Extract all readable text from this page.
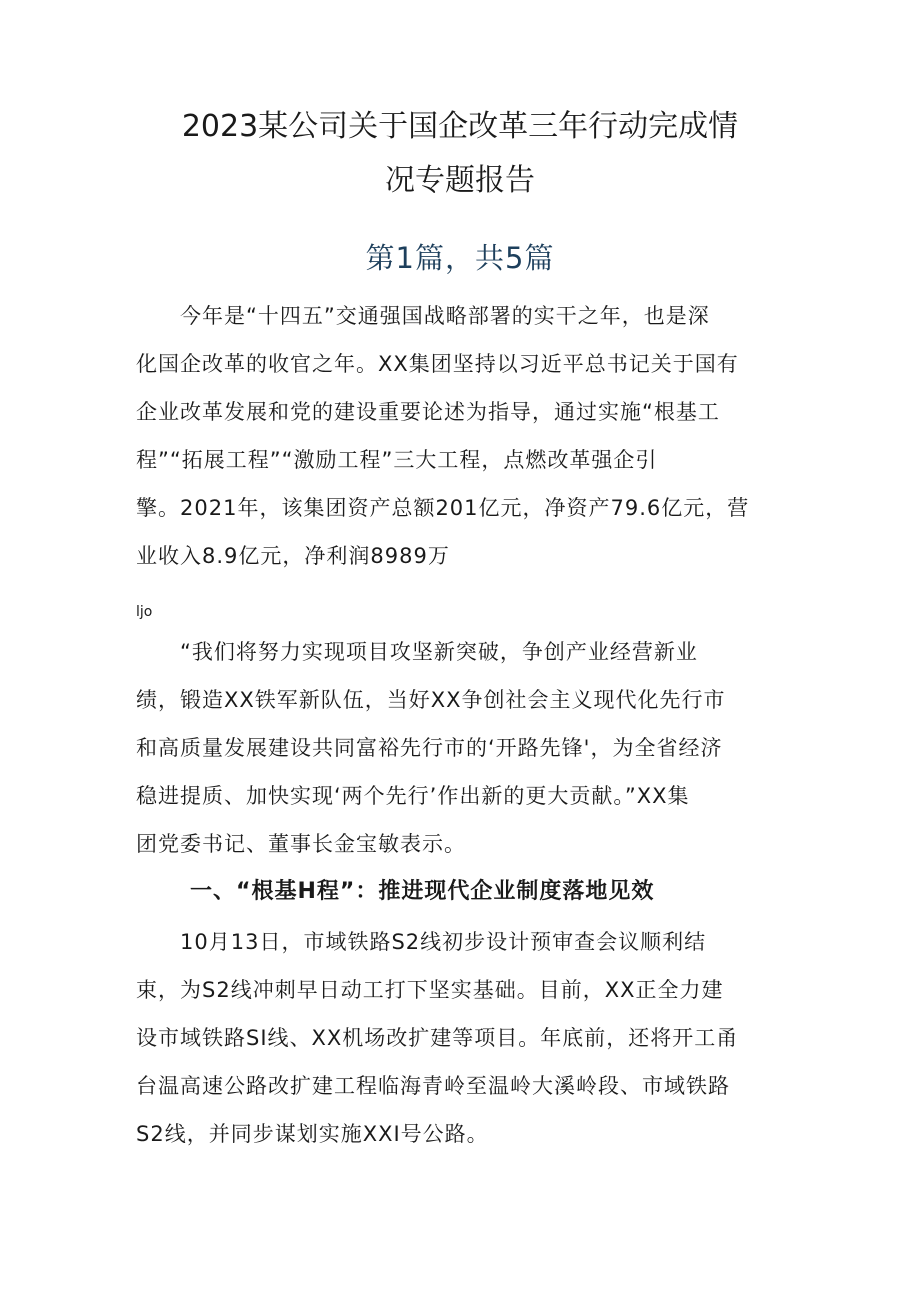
2023某公司关于国企改革三年行动完成情
况专题报告
第1篇，共5篇
　　今年是“十四五”交通强国战略部署的实干之年，也是深
化国企改革的收官之年。XX集团坚持以习近平总书记关于国有
企业改革发展和党的建设重要论述为指导，通过实施“根基工
程”“拓展工程”“激励工程”三大工程，点燃改革强企引
擎。2021年，该集团资产总额201亿元，净资产79.6亿元，营
业收入8.9亿元，净利润8989万
ljo
　　“我们将努力实现项目攻坚新突破，争创产业经营新业
绩，锻造XX铁军新队伍，当好XX争创社会主义现代化先行市
和高质量发展建设共同富裕先行市的‘开路先锋'，为全省经济
稳进提质、加快实现‘两个先行’作出新的更大贡献。”XX集
团党委书记、董事长金宝敏表示。
一、“根基H程”：推进现代企业制度落地见效
　　10月13日，市域铁路S2线初步设计预审查会议顺利结
束，为S2线冲刺早日动工打下坚实基础。目前，XX正全力建
设市域铁路SI线、XX机场改扩建等项目。年底前，还将开工甬
台温高速公路改扩建工程临海青岭至温岭大溪岭段、市域铁路
S2线，并同步谋划实施XXI号公路。
